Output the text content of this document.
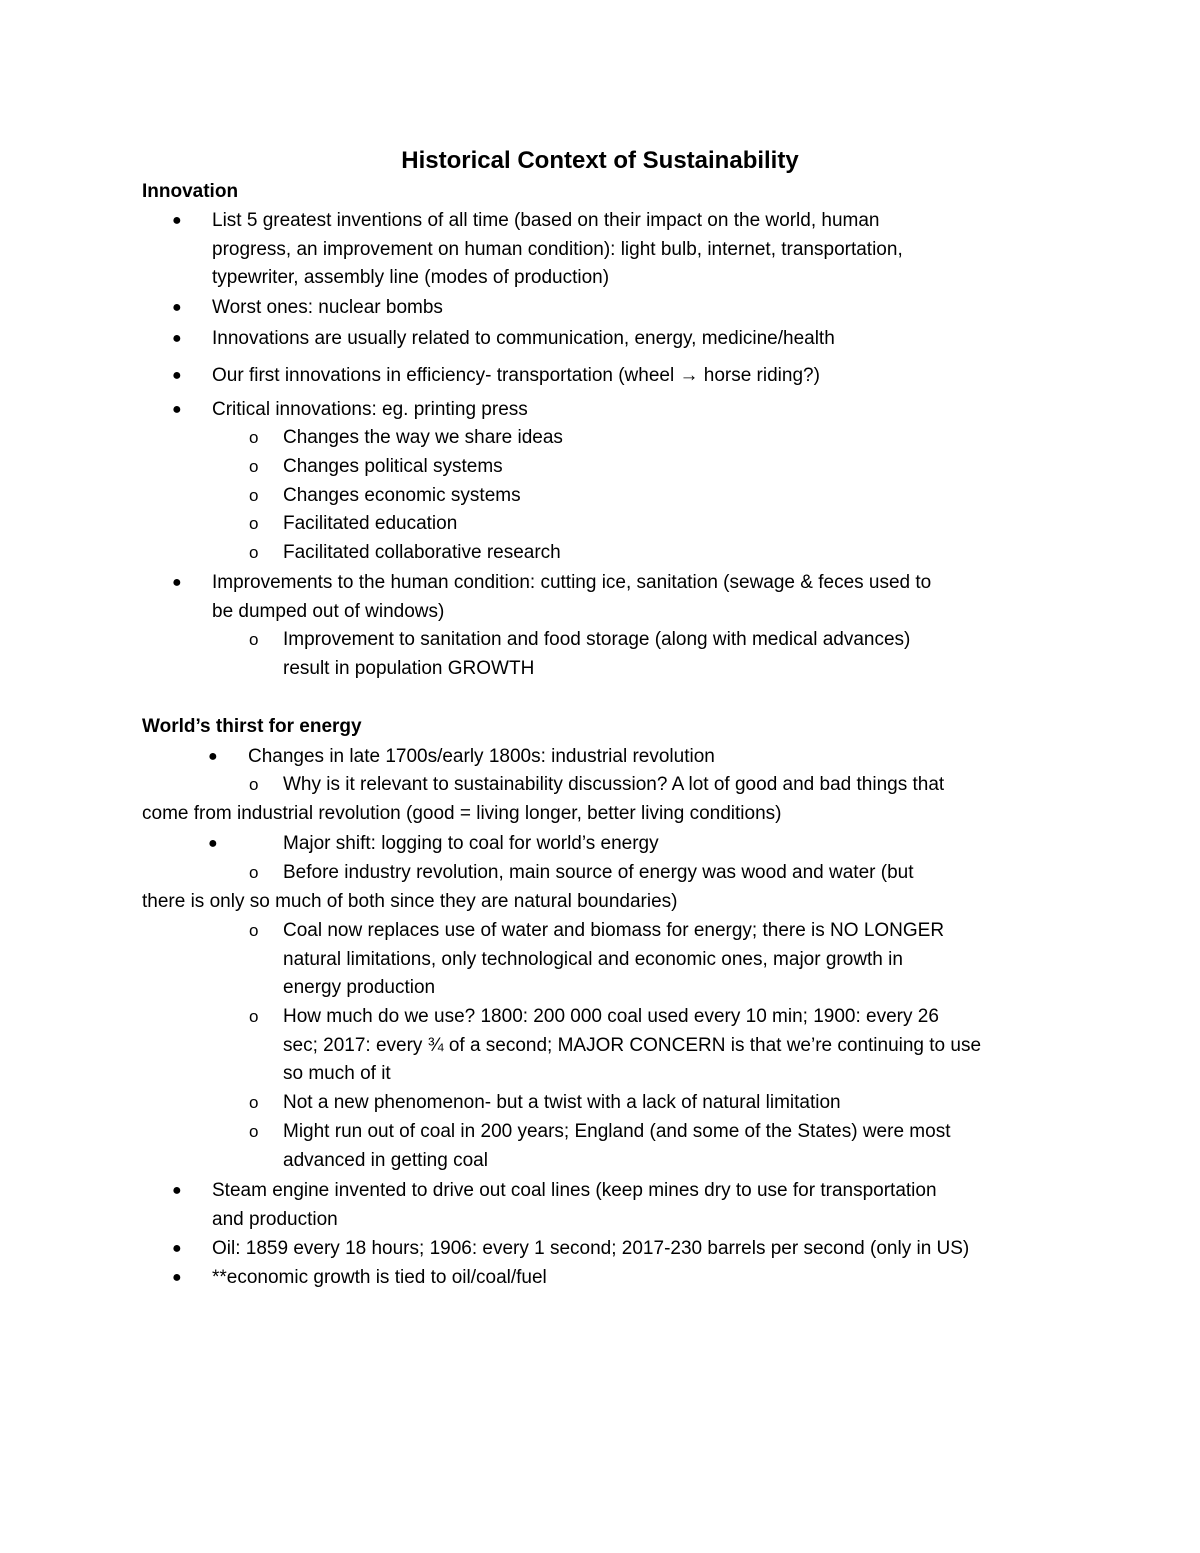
Historical Context of Sustainability
Innovation
● List 5 greatest inventions of all time (based on their impact on the world, human
progress, an improvement on human condition): light bulb, internet, transportation,
typewriter, assembly line (modes of production)
● Worst ones: nuclear bombs
● Innovations are usually related to communication, energy, medicine/health
● Our first innovations in efficiency- transportation (wheel → horse riding?)
● Critical innovations: eg. printing press
o Changes the way we share ideas
o Changes political systems
o Changes economic systems
o Facilitated education
o Facilitated collaborative research
● Improvements to the human condition: cutting ice, sanitation (sewage & feces used to
be dumped out of windows)
o Improvement to sanitation and food storage (along with medical advances)
result in population GROWTH
World’s thirst for energy
● Changes in late 1700s/early 1800s: industrial revolution
o Why is it relevant to sustainability discussion? A lot of good and bad things that
come from industrial revolution (good = living longer, better living conditions)
●	Major shift: logging to coal for world’s energy
o Before industry revolution, main source of energy was wood and water (but
there is only so much of both since they are natural boundaries)
o Coal now replaces use of water and biomass for energy; there is NO LONGER
natural limitations, only technological and economic ones, major growth in
energy production
o How much do we use? 1800: 200 000 coal used every 10 min; 1900: every 26
sec; 2017: every ¾ of a second; MAJOR CONCERN is that we’re continuing to use
so much of it
o Not a new phenomenon- but a twist with a lack of natural limitation
o Might run out of coal in 200 years; England (and some of the States) were most
advanced in getting coal
● Steam engine invented to drive out coal lines (keep mines dry to use for transportation
and production
● Oil: 1859 every 18 hours; 1906: every 1 second; 2017-230 barrels per second (only in US)
● **economic growth is tied to oil/coal/fuel
